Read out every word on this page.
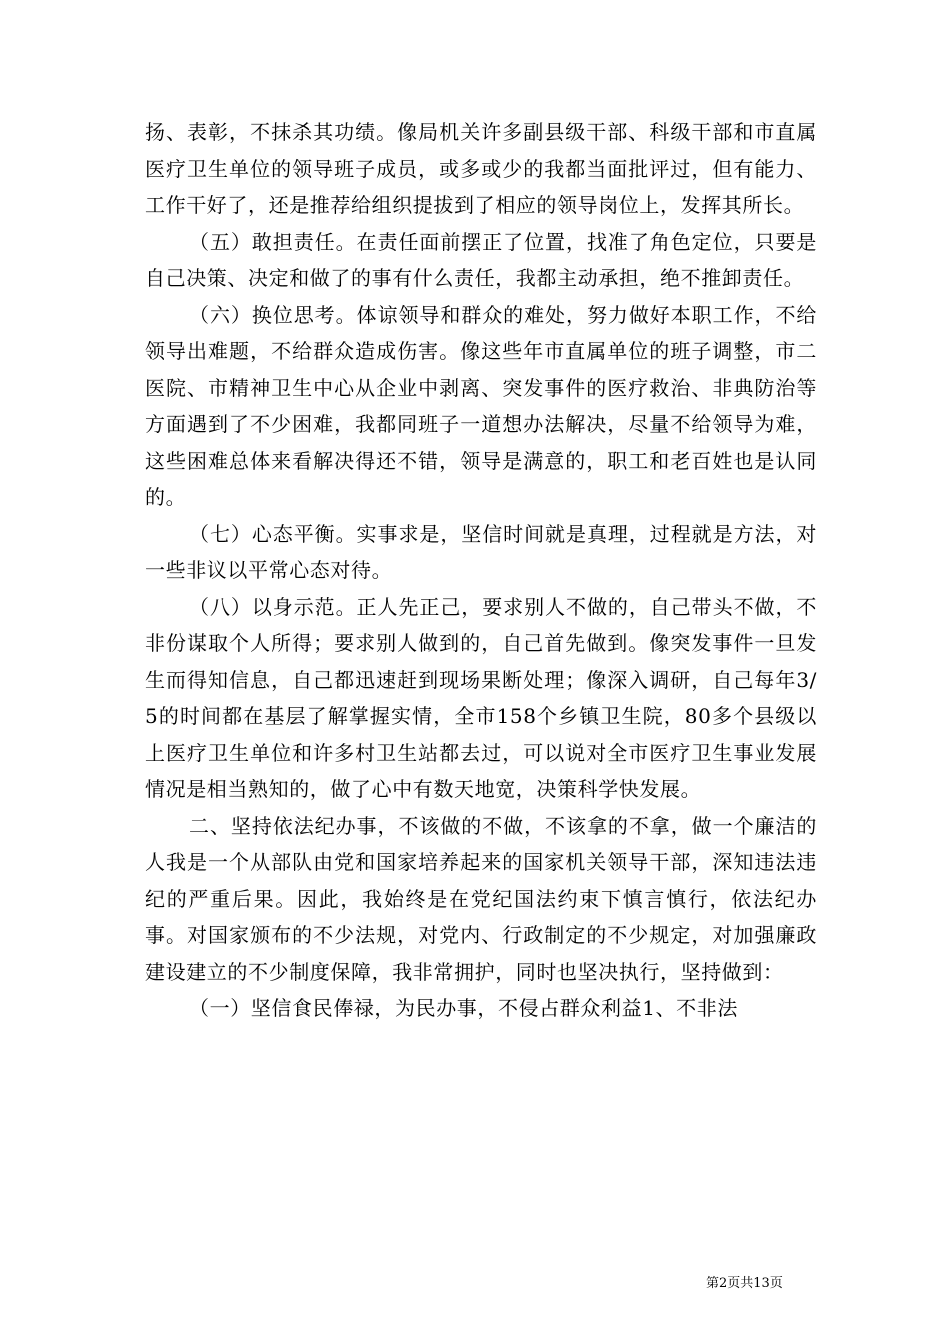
扬、表彰，不抹杀其功绩。像局机关许多副县级干部、科级干部和市直属医疗卫生单位的领导班子成员，或多或少的我都当面批评过，但有能力、工作干好了，还是推荐给组织提拔到了相应的领导岗位上，发挥其所长。

（五）敢担责任。在责任面前摆正了位置，找准了角色定位，只要是自己决策、决定和做了的事有什么责任，我都主动承担，绝不推卸责任。

（六）换位思考。体谅领导和群众的难处，努力做好本职工作，不给领导出难题，不给群众造成伤害。像这些年市直属单位的班子调整，市二医院、市精神卫生中心从企业中剥离、突发事件的医疗救治、非典防治等方面遇到了不少困难，我都同班子一道想办法解决，尽量不给领导为难，这些困难总体来看解决得还不错，领导是满意的，职工和老百姓也是认同的。

（七）心态平衡。实事求是，坚信时间就是真理，过程就是方法，对一些非议以平常心态对待。

（八）以身示范。正人先正己，要求别人不做的，自己带头不做，不非份谋取个人所得；要求别人做到的，自己首先做到。像突发事件一旦发生而得知信息，自己都迅速赶到现场果断处理；像深入调研，自己每年3/5的时间都在基层了解掌握实情，全市158个乡镇卫生院，80多个县级以上医疗卫生单位和许多村卫生站都去过，可以说对全市医疗卫生事业发展情况是相当熟知的，做了心中有数天地宽，决策科学快发展。

二、坚持依法纪办事，不该做的不做，不该拿的不拿，做一个廉洁的人我是一个从部队由党和国家培养起来的国家机关领导干部，深知违法违纪的严重后果。因此，我始终是在党纪国法约束下慎言慎行，依法纪办事。对国家颁布的不少法规，对党内、行政制定的不少规定，对加强廉政建设建立的不少制度保障，我非常拥护，同时也坚决执行，坚持做到：

（一）坚信食民俸禄，为民办事，不侵占群众利益1、不非法

第2页共13页
